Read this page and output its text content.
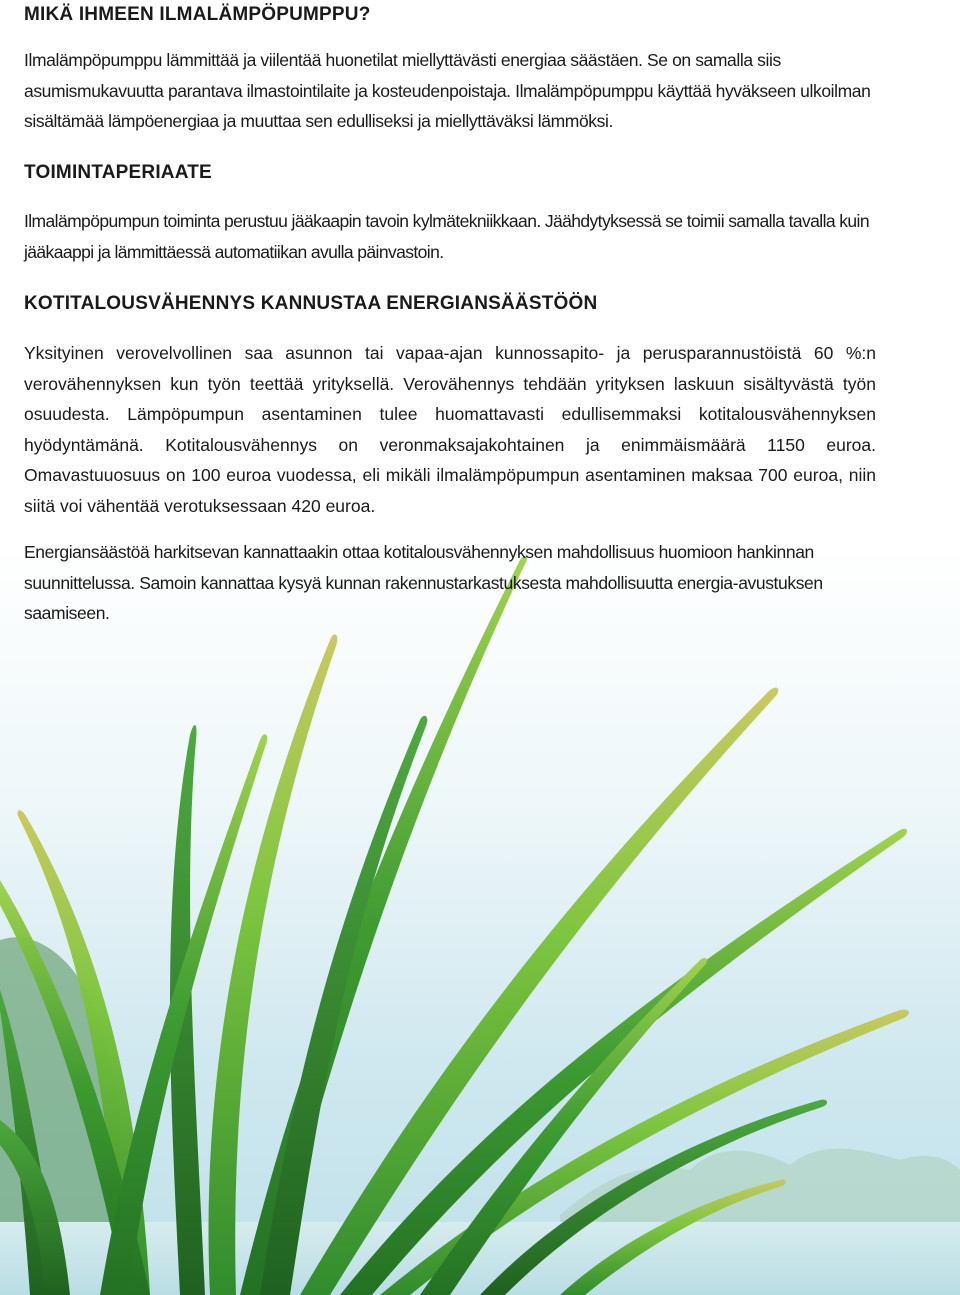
MIKÄ IHMEEN ILMALÄMPÖPUMPPU?

Ilmalämpöpumppu lämmittää ja viilentää huonetilat miellyttävästi energiaa säästäen. Se on samalla siis asumismukavuutta parantava ilmastointilaite ja kosteudenpoistaja. Ilmalämpöpumppu käyttää hyväkseen ulkoilman sisältämää lämpöenergiaa ja muuttaa sen edulliseksi ja miellyttäväksi lämmöksi.

TOIMINTAPERIAATE

Ilmalämpöpumpun toiminta perustuu jääkaapin tavoin kylmätekniikkaan. Jäähdytyksessä se toimii samalla tavalla kuin jääkaappi ja lämmittäessä automatiikan avulla päinvastoin.

KOTITALOUSVÄHENNYS KANNUSTAA ENERGIANSÄÄSTÖÖN

Yksityinen verovelvollinen saa asunnon tai vapaa-ajan kunnossapito- ja perusparannustöistä 60 %:n verovähennyksen kun työn teettää yrityksellä. Verovähennys tehdään yrityksen laskuun sisältyvästä työn osuudesta. Lämpöpumpun asentaminen tulee huomattavasti edullisemmaksi kotitalousvähennyksen hyödyntämänä. Kotitalousvähennys on veronmaksajakohtainen ja enimmäismäärä 1150 euroa. Omavastuuosuus on 100 euroa vuodessa, eli mikäli ilmalämpöpumpun asentaminen maksaa 700 euroa, niin siitä voi vähentää verotuksessaan 420 euroa.

Energiansäästöä harkitsevan kannattaakin ottaa kotitalousvähennyksen mahdollisuus huomioon hankinnan suunnittelussa. Samoin kannattaa kysyä kunnan rakennustarkastuksesta mahdollisuutta energia-avustuksen saamiseen.
